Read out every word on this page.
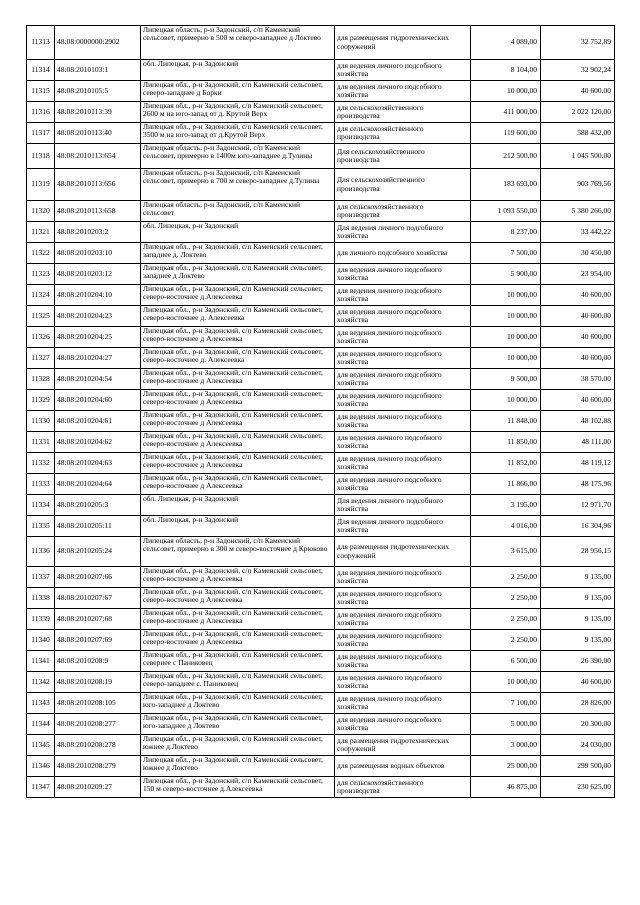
11313	48:08:0000000:2902	Липецкая область, р-н Задонский, с/п Каменский сельсовет, примерно в 500 м северо-западнее д Локтево	для размещения гидротехнических сооружений	4 089,00	32 752,89
11314	48:08:2010103:1	обл. Липецкая, р-н Задонский	для ведения личного подсобного хозяйства	8 104,00	32 902,24
11315	48:08:2010105:5	Липецкая обл., р-н Задонский, с/п Каменский сельсовет, северо-западнее д Борки	для ведения личного подсобного хозяйства	10 000,00	40 600,00
11316	48:08:2010113:39	Липецкая обл., р-н Задонский, с/п Каменский сельсовет, 2600 м на юго-запад от д. Крутой Верх	для сельскохозяйственного производства	411 000,00	2 022 120,00
11317	48:08:2010113:40	Липецкая обл., р-н Задонский, с/п Каменский сельсовет, 3500 м на юго-запад от д.Крутой Верх	для сельскохозяйственного производства	119 600,00	588 432,00
11318	48:08:2010113:654	Липецкая область, р-н Задонский, с/п Каменский сельсовет, примерно в 1400м юго-западнее д.Тулины	Для сельскохозяйственного производства	212 500,00	1 045 500,00
11319	48:08:2010113:656	Липецкая область, р-н Задонский, с/п Каменский сельсовет, примерно в 700 м северо-западнее д.Тулины	Для сельскохозяйственного производства	183 693,00	903 769,56
11320	48:08:2010113:658	Липецкая область, р-н Задонский, с/п Каменский сельсовет	для сельскохозяйственного производства	1 093 550,00	5 380 266,00
11321	48:08:2010203:2	обл. Липецкая, р-н Задонский	Для ведения личного подсобного хозяйства	8 237,00	33 442,22
11322	48:08:2010203:10	Липецкая обл., р-н Задонский, с/п Каменский сельсовет, западнее д. Локтево	для личного подсобного хозяйства	7 500,00	30 450,00
11323	48:08:2010203:12	Липецкая обл., р-н Задонский, с/п Каменский сельсовет, западнее д Локтево	для ведения личного подсобного хозяйства	5 900,00	23 954,00
11324	48:08:2010204:10	Липецкая обл., р-н Задонский, с/п Каменский сельсовет, северо-восточнее д.Алексеевка	для ведения личного подсобного хозяйства	10 000,00	40 600,00
11325	48:08:2010204:23	Липецкая обл., р-н Задонский, с/п Каменский сельсовет, северо-восточнее д. Алексеевка	для ведения личного подсобного хозяйства	10 000,00	40 600,00
11326	48:08:2010204:25	Липецкая обл., р-н Задонский, с/п Каменский сельсовет, северо-восточнее д Алексеевка	для ведения личного подсобного хозяйства	10 000,00	40 600,00
11327	48:08:2010204:27	Липецкая обл., р-н Задонский, с/п Каменский сельсовет, северо-восточнее д. Алексеевка	для ведения личного подсобного хозяйства	10 000,00	40 600,00
11328	48:08:2010204:54	Липецкая обл., р-н Задонский, с/п Каменский сельсовет, северо-восточнее д Алексеевка	для ведения личного подсобного хозяйства	9 500,00	38 570,00
11329	48:08:2010204:60	Липецкая обл., р-н Задонский, с/п Каменский сельсовет, северо-восточнее д Алексеевка	для ведения личного подсобного хозяйства	10 000,00	40 600,00
11330	48:08:2010204:61	Липецкая обл., р-н Задонский, с/п Каменский сельсовет, северо-восточнее д Алексеевка	для ведения личного подсобного хозяйства	11 848,00	48 102,88
11331	48:08:2010204:62	Липецкая обл., р-н Задонский, с/п Каменский сельсовет, северо-восточнее д Алексеевка	для ведения личного подсобного хозяйства	11 850,00	48 111,00
11332	48:08:2010204:63	Липецкая обл., р-н Задонский, с/п Каменский сельсовет, северо-восточнее д Алексеевка	для ведения личного подсобного хозяйства	11 852,00	48 119,12
11333	48:08:2010204:64	Липецкая обл., р-н Задонский, с/п Каменский сельсовет, северо-восточнее д Алексеевка	для ведения личного подсобного хозяйства	11 866,00	48 175,96
11334	48:08:2010205:3	обл. Липецкая, р-н Задонский	Для ведения личного подсобного хозяйства	3 195,00	12 971,70
11335	48:08:2010205:11	обл. Липецкая, р-н Задонский	Для ведения личного подсобного хозяйства	4 016,00	16 304,96
11336	48:08:2010205:24	Липецкая область, р-н Задонский, с/п Каменский сельсовет, примерно в 300 м северо-восточнее д Крюково	для размещения гидротехнических сооружений	3 615,00	28 956,15
11337	48:08:2010207:66	Липецкая обл., р-н Задонский, с/п Каменский сельсовет, северо-восточнее д Алексеевка	для ведения личного подсобного хозяйства	2 250,00	9 135,00
11338	48:08:2010207:67	Липецкая обл., р-н Задонский, с/п Каменский сельсовет, северо-восточнее д Алексеевка	для ведения личного подсобного хозяйства	2 250,00	9 135,00
11339	48:08:2010207:68	Липецкая обл., р-н Задонский, с/п Каменский сельсовет, северо-восточнее д Алексеевка	для ведения личного подсобного хозяйства	2 250,00	9 135,00
11340	48:08:2010207:69	Липецкая обл., р-н Задонский, с/п Каменский сельсовет, северо-восточнее д Алексеевка	для ведения личного подсобного хозяйства	2 250,00	9 135,00
11341	48:08:2010208:9	Липецкая обл., р-н Задонский, с/п Каменский сельсовет, севернее с Паниковец	для ведения личного подсобного хозяйства	6 500,00	26 390,00
11342	48:08:2010208:19	Липецкая обл., р-н Задонский, с/п Каменский сельсовет, северо-западнее с. Паниковец	для ведения личного подсобного хозяйства	10 000,00	40 600,00
11343	48:08:2010208:105	Липецкая обл., р-н Задонский, с/п Каменский сельсовет, юго-западнее д Локтево	для ведения личного подсобного хозяйства	7 100,00	28 826,00
11344	48:08:2010208:277	Липецкая обл., р-н Задонский, с/п Каменский сельсовет, юго-западнее д Локтево	для ведения личного подсобного хозяйства	5 000,00	20 300,00
11345	48:08:2010208:278	Липецкая обл., р-н Задонский, с/п Каменский сельсовет, южнее д.Локтево	для размещения гидротехнических сооружений	3 000,00	24 030,00
11346	48:08:2010208:279	Липецкая обл., р-н Задонский, с/п Каменский сельсовет, южнее д Локтево	для размещения водных объектов	25 000,00	299 500,00
11347	48:08:2010209:27	Липецкая обл., р-н Задонский, с/п Каменский сельсовет, 150 м северо-восточнее д.Алексеевка	для сельскохозяйственного производства	46 875,00	230 625,00
